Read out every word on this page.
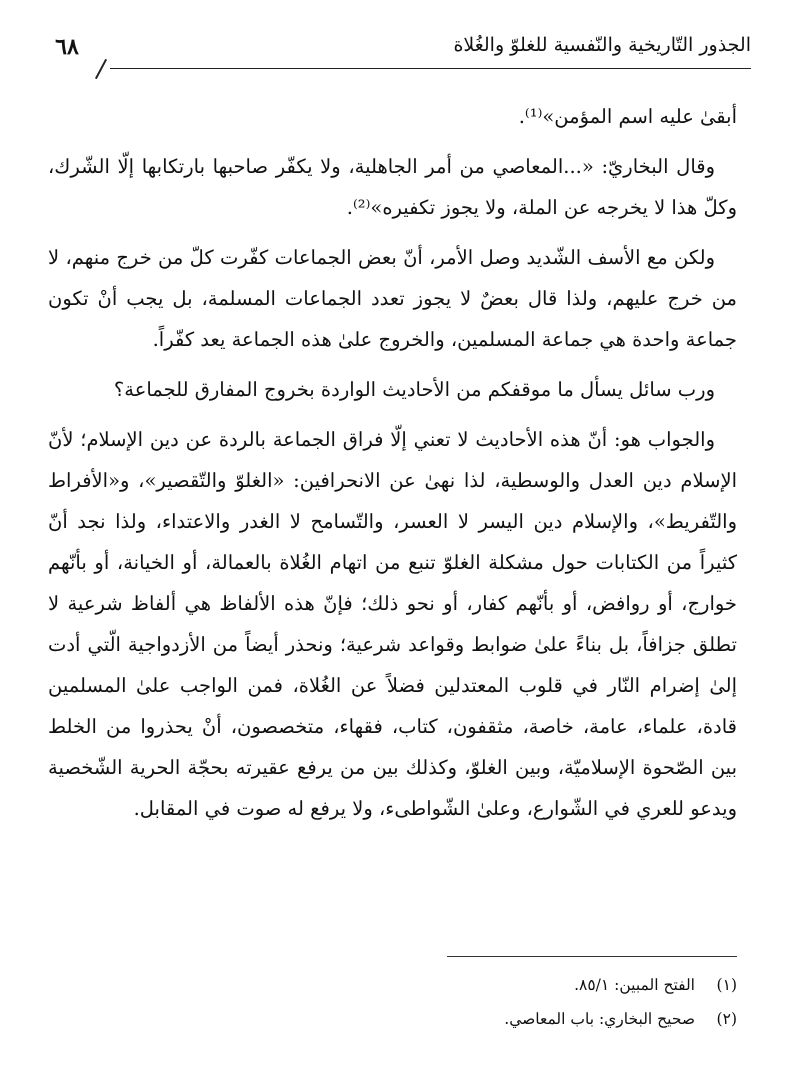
الجذور التّاريخية والنّفسية للغلوّ والغُلاة
٦٨

أبقىٰ عليه اسم المؤمن»⁽¹⁾.

وقال البخاريّ: «...المعاصي من أمر الجاهلية، ولا يكفّر صاحبها بارتكابها إلّا الشّرك، وكلّ هذا لا يخرجه عن الملة، ولا يجوز تكفيره»⁽²⁾.

ولكن مع الأسف الشّديد وصل الأمر، أنّ بعض الجماعات كفّرت كلّ من خرج منهم، لا من خرج عليهم، ولذا قال بعضٌ لا يجوز تعدد الجماعات المسلمة، بل يجب أنْ تكون جماعة واحدة هي جماعة المسلمين، والخروج علىٰ هذه الجماعة يعد كفّراً.

ورب سائل يسأل ما موقفكم من الأحاديث الواردة بخروج المفارق للجماعة؟

والجواب هو: أنّ هذه الأحاديث لا تعني إلّا فراق الجماعة بالردة عن دين الإسلام؛ لأنّ الإسلام دين العدل والوسطية، لذا نهىٰ عن الانحرافين: «الغلوّ والتّقصير»، و«الأفراط والتّفريط»، والإسلام دين اليسر لا العسر، والتّسامح لا الغدر والاعتداء، ولذا نجد أنّ كثيراً من الكتابات حول مشكلة الغلوّ تنبع من اتهام الغُلاة بالعمالة، أو الخيانة، أو بأنّهم خوارج، أو روافض، أو بأنّهم كفار، أو نحو ذلك؛ فإنّ هذه الألفاظ هي ألفاظ شرعية لا تطلق جزافاً، بل بناءً علىٰ ضوابط وقواعد شرعية؛ ونحذر أيضاً من الأزدواجية الّتي أدت إلىٰ إضرام النّار في قلوب المعتدلين فضلاً عن الغُلاة، فمن الواجب علىٰ المسلمين قادة، علماء، عامة، خاصة، مثقفون، كتاب، فقهاء، متخصصون، أنْ يحذروا من الخلط بين الصّحوة الإسلاميّة، وبين الغلوّ، وكذلك بين من يرفع عقيرته بحجّة الحرية الشّخصية ويدعو للعري في الشّوارع، وعلىٰ الشّواطىء، ولا يرفع له صوت في المقابل.

(١)
الفتح المبين: ٨٥/١.
(٢)
صحيح البخاري: باب المعاصي.
